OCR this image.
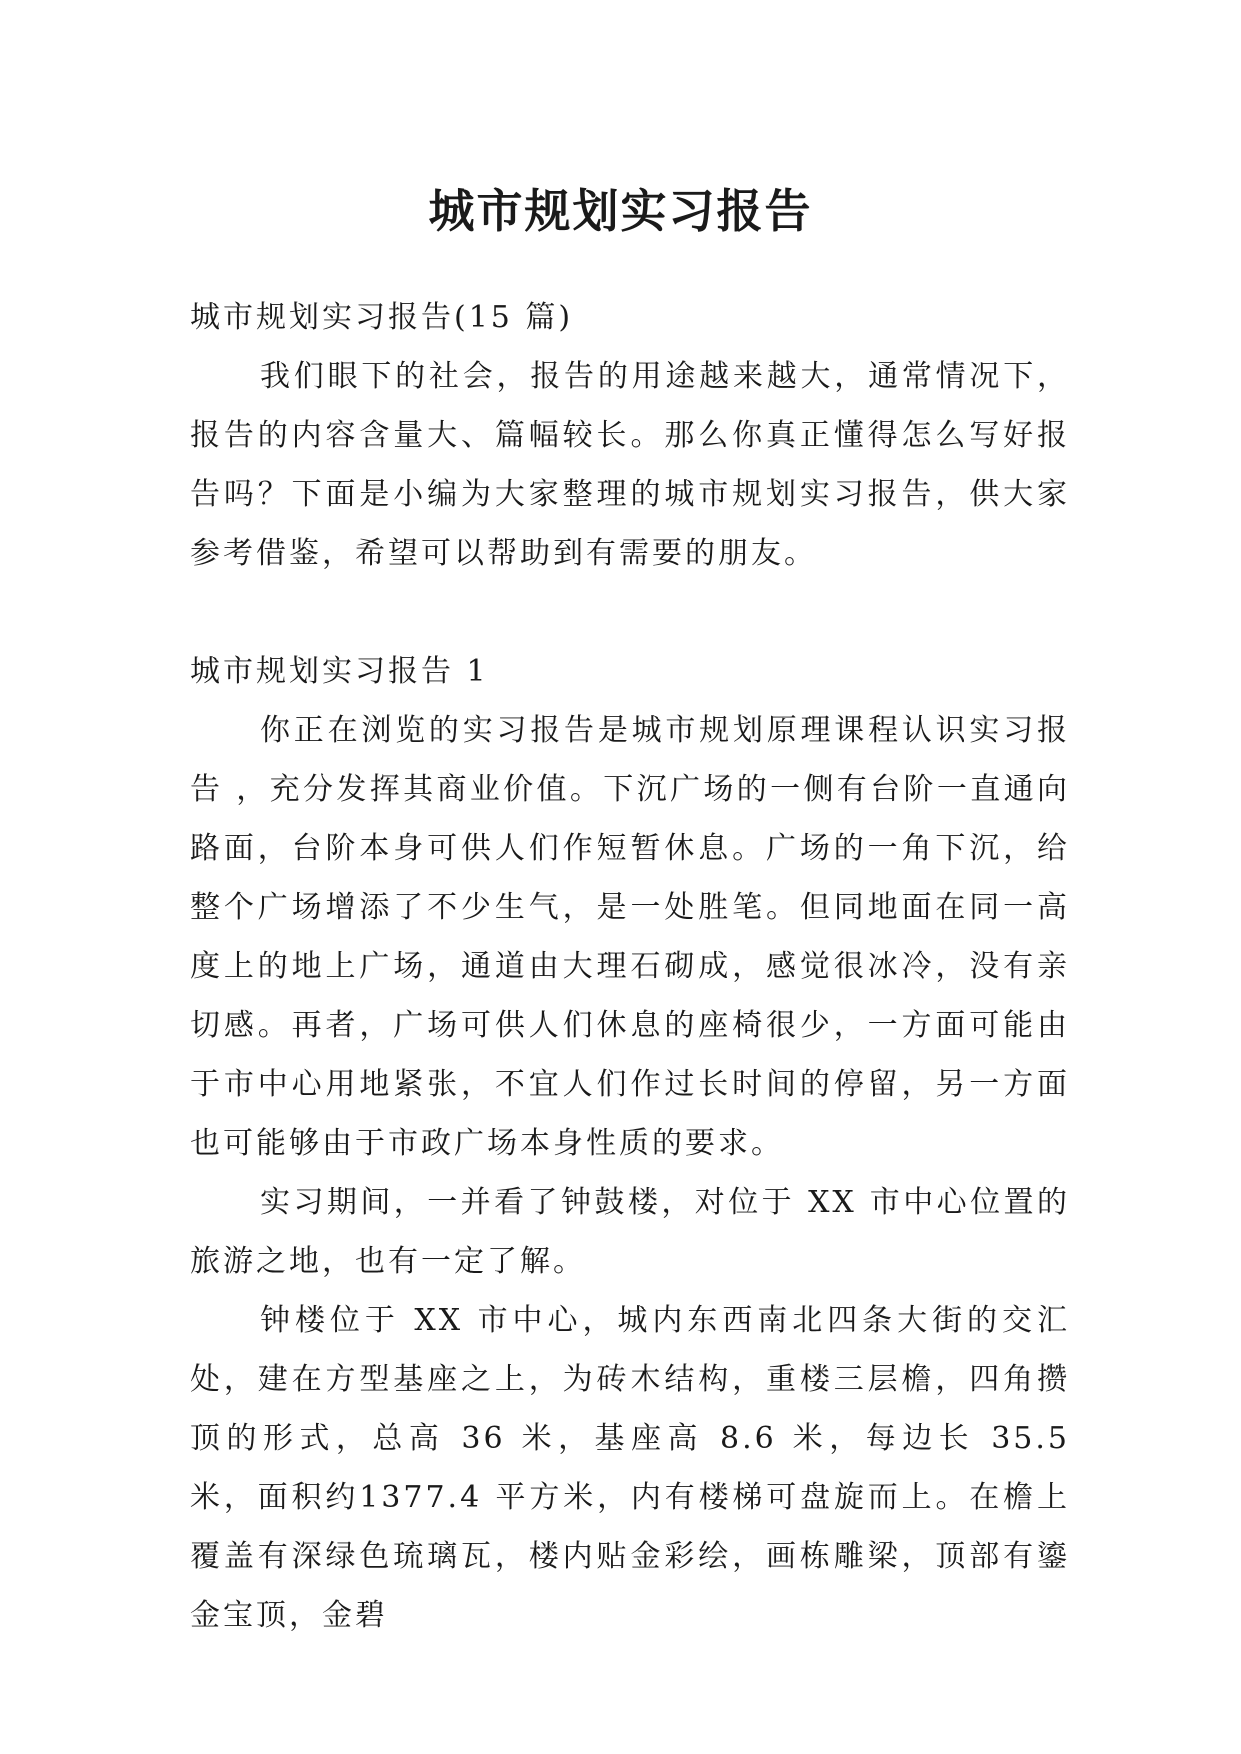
城市规划实习报告

城市规划实习报告(15 篇)

我们眼下的社会，报告的用途越来越大，通常情况下，报告的内容含量大、篇幅较长。那么你真正懂得怎么写好报告吗？下面是小编为大家整理的城市规划实习报告，供大家参考借鉴，希望可以帮助到有需要的朋友。

城市规划实习报告 1

你正在浏览的实习报告是城市规划原理课程认识实习报告 ，充分发挥其商业价值。下沉广场的一侧有台阶一直通向路面，台阶本身可供人们作短暂休息。广场的一角下沉，给整个广场增添了不少生气，是一处胜笔。但同地面在同一高度上的地上广场，通道由大理石砌成，感觉很冰冷，没有亲切感。再者，广场可供人们休息的座椅很少，一方面可能由于市中心用地紧张，不宜人们作过长时间的停留，另一方面也可能够由于市政广场本身性质的要求。

实习期间，一并看了钟鼓楼，对位于 XX 市中心位置的旅游之地，也有一定了解。

钟楼位于 XX 市中心，城内东西南北四条大街的交汇处，建在方型基座之上，为砖木结构，重楼三层檐，四角攒顶的形式，总高 36 米，基座高 8.6 米，每边长 35.5 米，面积约1377.4 平方米，内有楼梯可盘旋而上。在檐上覆盖有深绿色琉璃瓦，楼内贴金彩绘，画栋雕梁，顶部有鎏金宝顶，金碧
